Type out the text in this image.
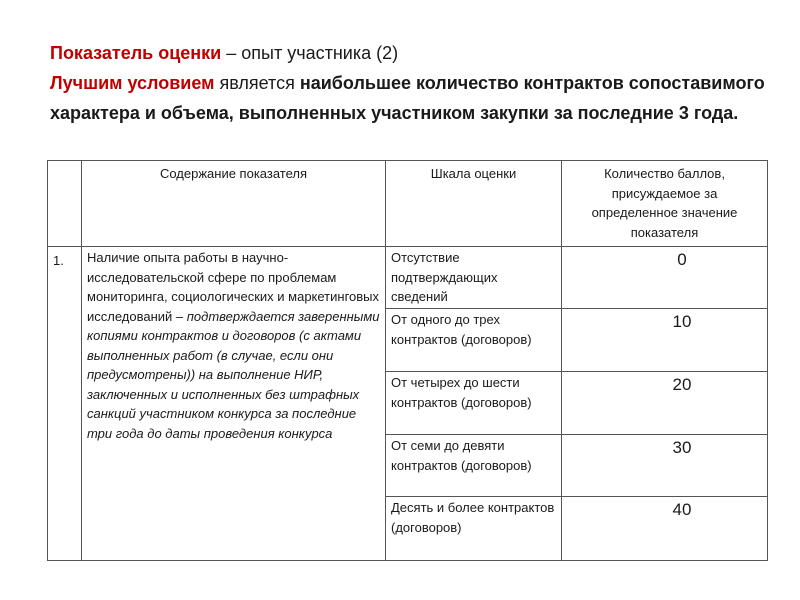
Показатель оценки – опыт участника (2)
Лучшим условием является наибольшее количество контрактов сопоставимого характера и объема, выполненных участником закупки за последние 3 года.
	Содержание показателя	Шкала оценки	Количество баллов, присуждаемое за определенное значение показателя
1.	Наличие опыта работы в научно-исследовательской сфере по проблемам мониторинга, социологических и маркетинговых исследований – подтверждается заверенными копиями контрактов и договоров (с актами выполненных работ (в случае, если они предусмотрены)) на выполнение НИР, заключенных и исполненных без штрафных санкций участником конкурса за последние три года до даты проведения конкурса	Отсутствие подтверждающих сведений	0
		От одного до трех контрактов (договоров)	10
		От четырех до шести контрактов (договоров)	20
		От семи до девяти контрактов (договоров)	30
		Десять и более контрактов (договоров)	40
